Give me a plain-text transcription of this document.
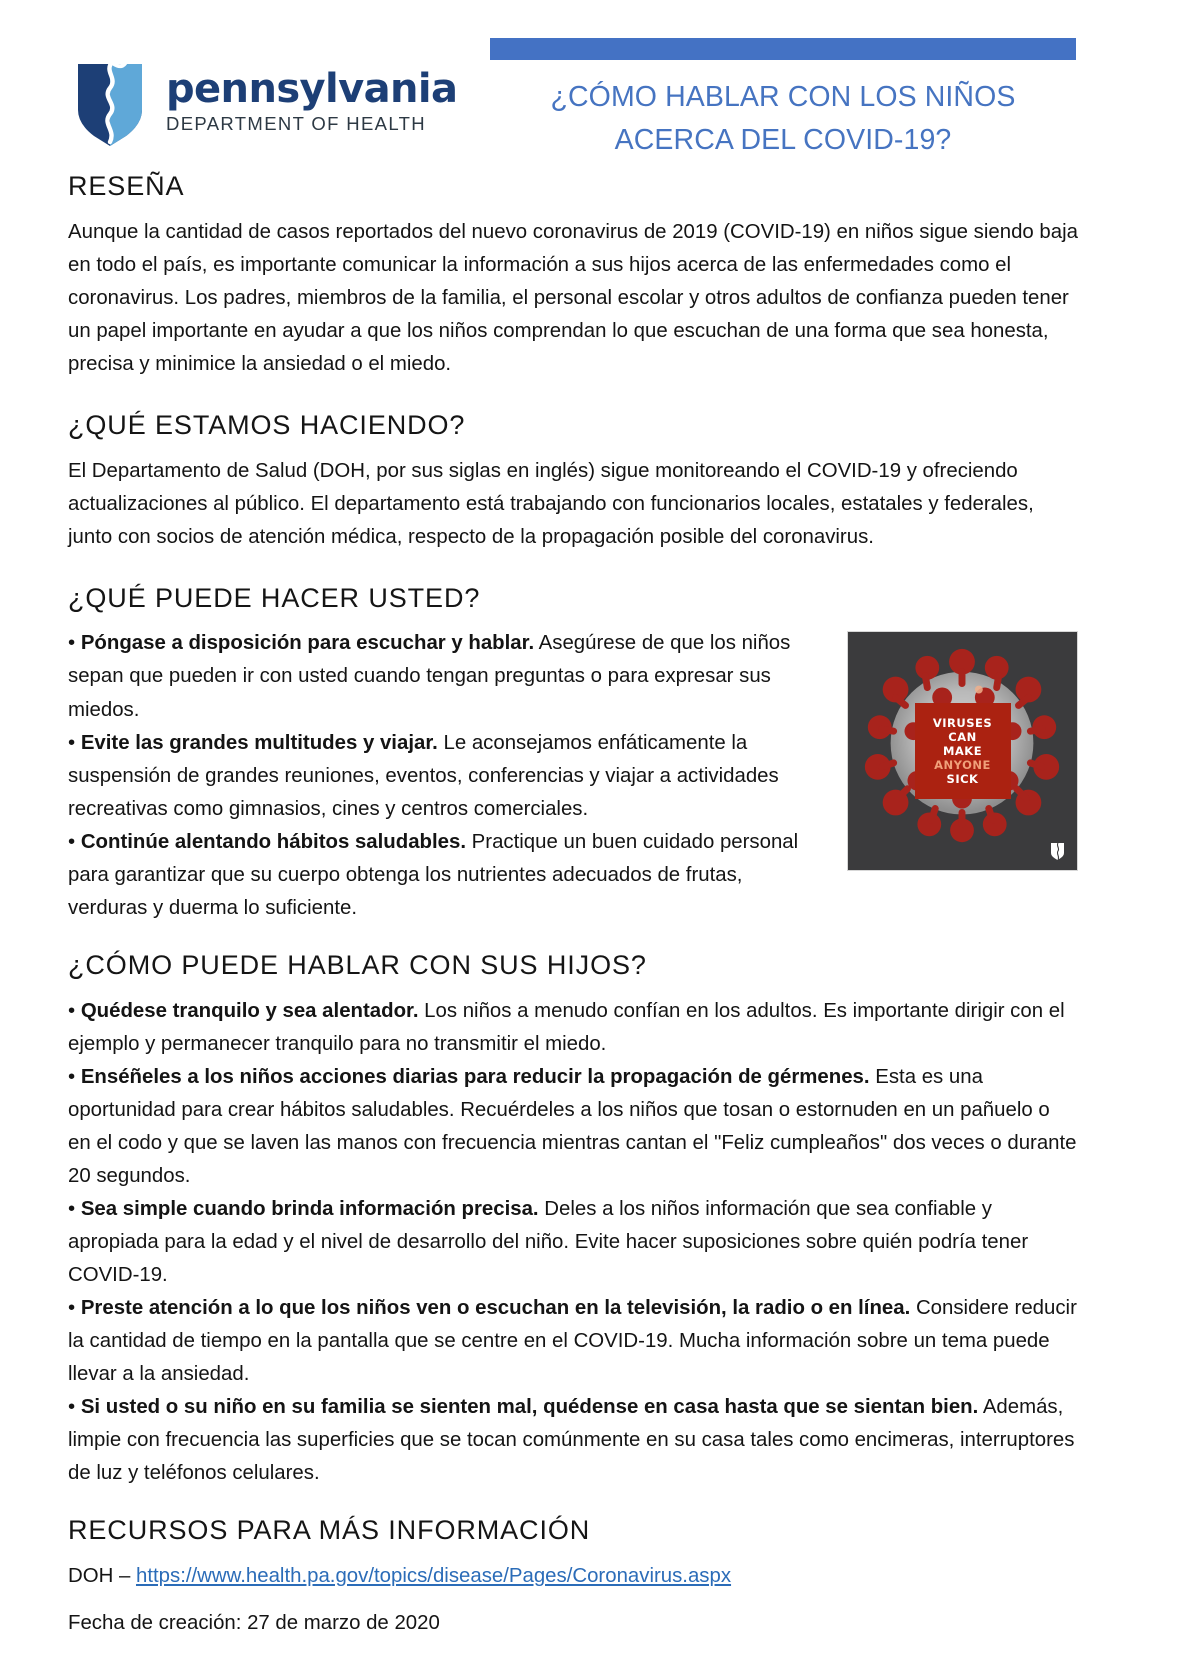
pennsylvania
DEPARTMENT OF HEALTH
¿CÓMO HABLAR CON LOS NIÑOS
ACERCA DEL COVID-19?
RESEÑA

Aunque la cantidad de casos reportados del nuevo coronavirus de 2019 (COVID-19) en niños sigue siendo baja en todo el país, es importante comunicar la información a sus hijos acerca de las enfermedades como el coronavirus. Los padres, miembros de la familia, el personal escolar y otros adultos de confianza pueden tener un papel importante en ayudar a que los niños comprendan lo que escuchan de una forma que sea honesta, precisa y minimice la ansiedad o el miedo.

¿QUÉ ESTAMOS HACIENDO?

El Departamento de Salud (DOH, por sus siglas en inglés) sigue monitoreando el COVID-19 y ofreciendo actualizaciones al público. El departamento está trabajando con funcionarios locales, estatales y federales, junto con socios de atención médica, respecto de la propagación posible del coronavirus.

¿QUÉ PUEDE HACER USTED?
VIRUSES
CAN
MAKE
ANYONE
SICK

• Póngase a disposición para escuchar y hablar. Asegúrese de que los niños sepan que pueden ir con usted cuando tengan preguntas o para expresar sus miedos.

• Evite las grandes multitudes y viajar. Le aconsejamos enfáticamente la suspensión de grandes reuniones, eventos, conferencias y viajar a actividades recreativas como gimnasios, cines y centros comerciales.

• Continúe alentando hábitos saludables. Practique un buen cuidado personal para garantizar que su cuerpo obtenga los nutrientes adecuados de frutas, verduras y duerma lo suficiente.

¿CÓMO PUEDE HABLAR CON SUS HIJOS?

• Quédese tranquilo y sea alentador. Los niños a menudo confían en los adultos. Es importante dirigir con el ejemplo y permanecer tranquilo para no transmitir el miedo.

• Enséñeles a los niños acciones diarias para reducir la propagación de gérmenes. Esta es una oportunidad para crear hábitos saludables. Recuérdeles a los niños que tosan o estornuden en un pañuelo o en el codo y que se laven las manos con frecuencia mientras cantan el "Feliz cumpleaños" dos veces o durante 20 segundos.

• Sea simple cuando brinda información precisa. Deles a los niños información que sea confiable y apropiada para la edad y el nivel de desarrollo del niño. Evite hacer suposiciones sobre quién podría tener COVID-19.

• Preste atención a lo que los niños ven o escuchan en la televisión, la radio o en línea. Considere reducir la cantidad de tiempo en la pantalla que se centre en el COVID-19. Mucha información sobre un tema puede llevar a la ansiedad.

• Si usted o su niño en su familia se sienten mal, quédense en casa hasta que se sientan bien. Además, limpie con frecuencia las superficies que se tocan comúnmente en su casa tales como encimeras, interruptores de luz y teléfonos celulares.

RECURSOS PARA MÁS INFORMACIÓN

DOH – https://www.health.pa.gov/topics/disease/Pages/Coronavirus.aspx

Fecha de creación: 27 de marzo de 2020
